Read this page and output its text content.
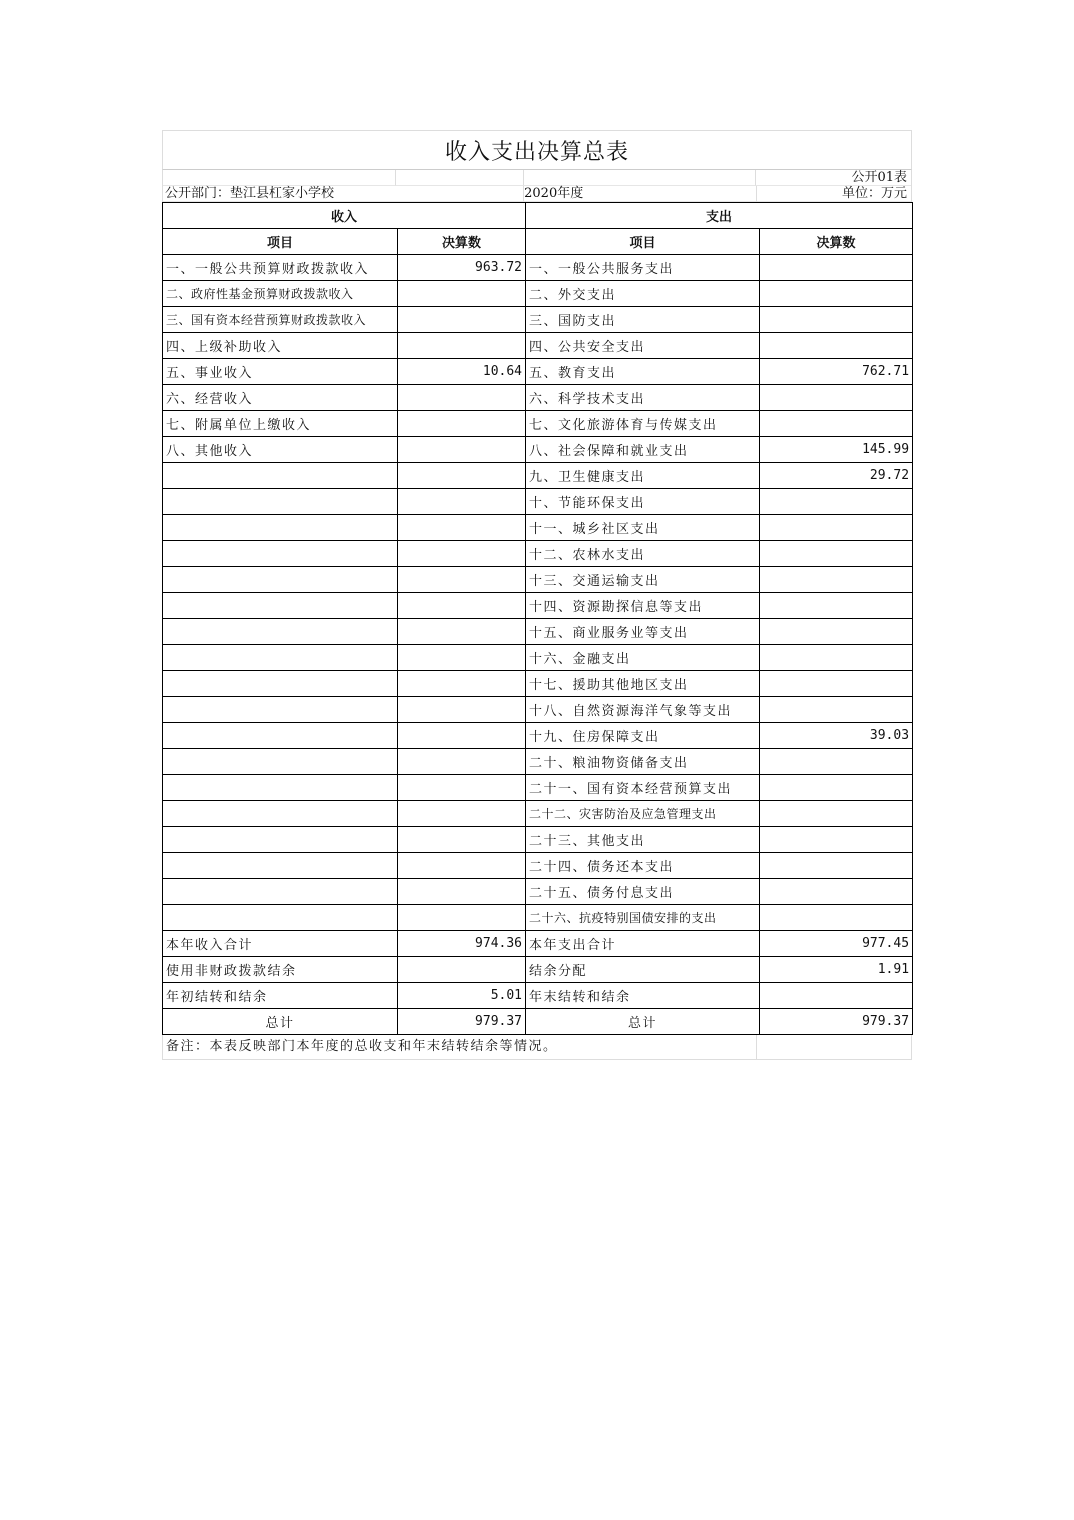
收入支出决算总表
公开01表
公开部门：垫江县杠家小学校	2020年度	单位：万元
收入		支出	
项目	决算数	项目	决算数
一、一般公共预算财政拨款收入	963.72	一、一般公共服务支出	
二、政府性基金预算财政拨款收入		二、外交支出	
三、国有资本经营预算财政拨款收入		三、国防支出	
四、上级补助收入		四、公共安全支出	
五、事业收入	10.64	五、教育支出	762.71
六、经营收入		六、科学技术支出	
七、附属单位上缴收入		七、文化旅游体育与传媒支出	
八、其他收入		八、社会保障和就业支出	145.99
		九、卫生健康支出	29.72
		十、节能环保支出	
		十一、城乡社区支出	
		十二、农林水支出	
		十三、交通运输支出	
		十四、资源勘探信息等支出	
		十五、商业服务业等支出	
		十六、金融支出	
		十七、援助其他地区支出	
		十八、自然资源海洋气象等支出	
		十九、住房保障支出	39.03
		二十、粮油物资储备支出	
		二十一、国有资本经营预算支出	
		二十二、灾害防治及应急管理支出	
		二十三、其他支出	
		二十四、债务还本支出	
		二十五、债务付息支出	
		二十六、抗疫特别国债安排的支出	
本年收入合计	974.36	本年支出合计	977.45
使用非财政拨款结余		结余分配	1.91
年初结转和结余	5.01	年末结转和结余	
总计	979.37	总计	979.37
备注：本表反映部门本年度的总收支和年末结转结余等情况。
